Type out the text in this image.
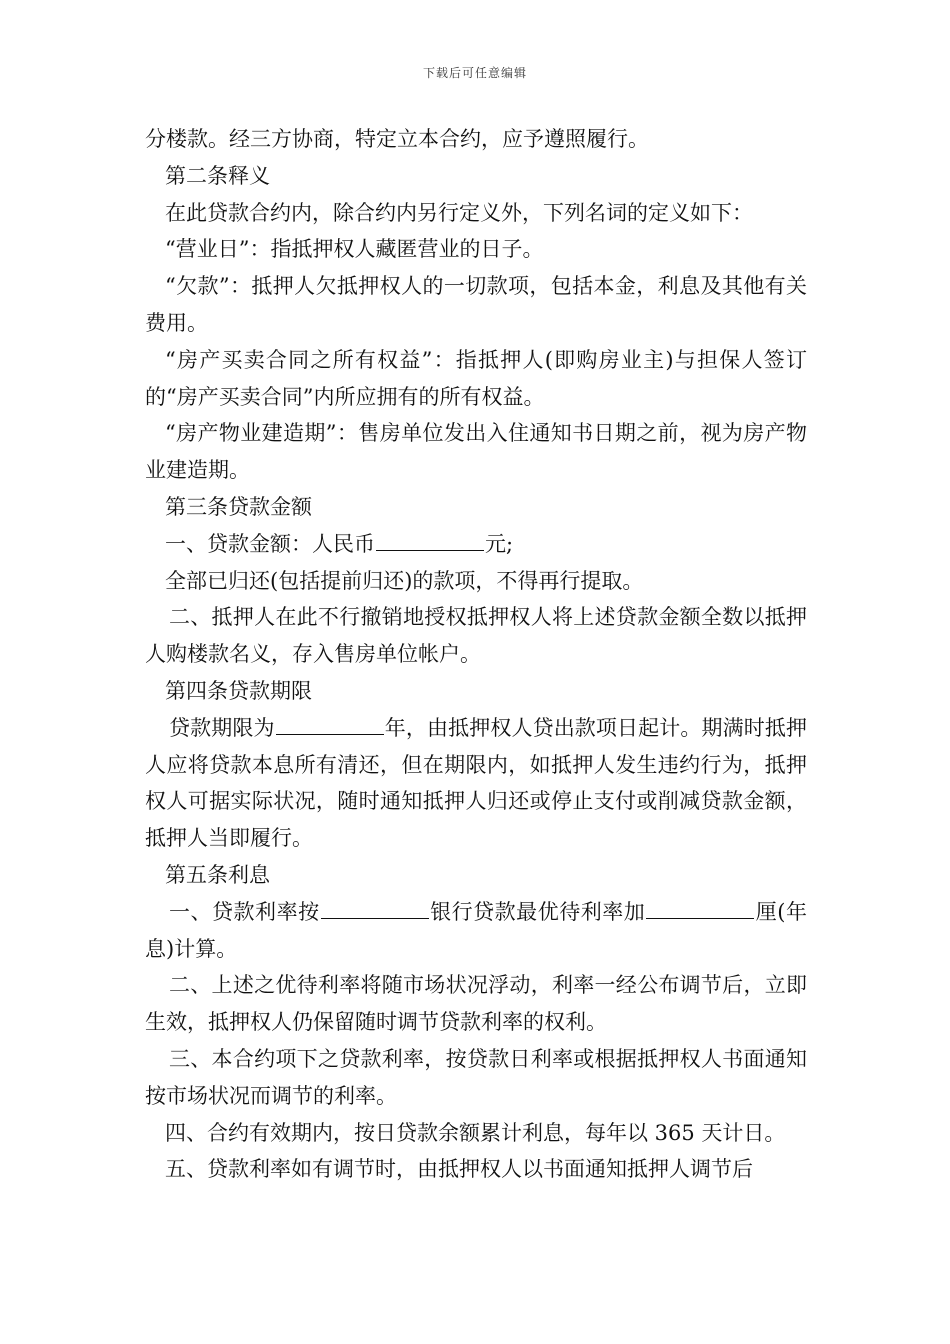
下载后可任意编辑

分楼款。经三方协商，特定立本合约，应予遵照履行。

第二条释义

在此贷款合约内，除合约内另行定义外，下列名词的定义如下：

“营业日”：指抵押权人藏匿营业的日子。

“欠款”：抵押人欠抵押权人的一切款项，包括本金，利息及其他有关费用。

“房产买卖合同之所有权益”：指抵押人(即购房业主)与担保人签订的“房产买卖合同”内所应拥有的所有权益。

“房产物业建造期”：售房单位发出入住通知书日期之前，视为房产物业建造期。

第三条贷款金额

一、贷款金额：人民币	元;

全部已归还(包括提前归还)的款项，不得再行提取。

二、抵押人在此不行撤销地授权抵押权人将上述贷款金额全数以抵押人购楼款名义，存入售房单位帐户。

第四条贷款期限

贷款期限为	年，由抵押权人贷出款项日起计。期满时抵押人应将贷款本息所有清还，但在期限内，如抵押人发生违约行为，抵押权人可据实际状况，随时通知抵押人归还或停止支付或削减贷款金额，抵押人当即履行。

第五条利息

一、贷款利率按	银行贷款最优待利率加	厘(年息)计算。

二、上述之优待利率将随市场状况浮动，利率一经公布调节后，立即生效，抵押权人仍保留随时调节贷款利率的权利。

三、本合约项下之贷款利率，按贷款日利率或根据抵押权人书面通知按市场状况而调节的利率。

四、合约有效期内，按日贷款余额累计利息，每年以 365 天计日。

五、贷款利率如有调节时，由抵押权人以书面通知抵押人调节后
